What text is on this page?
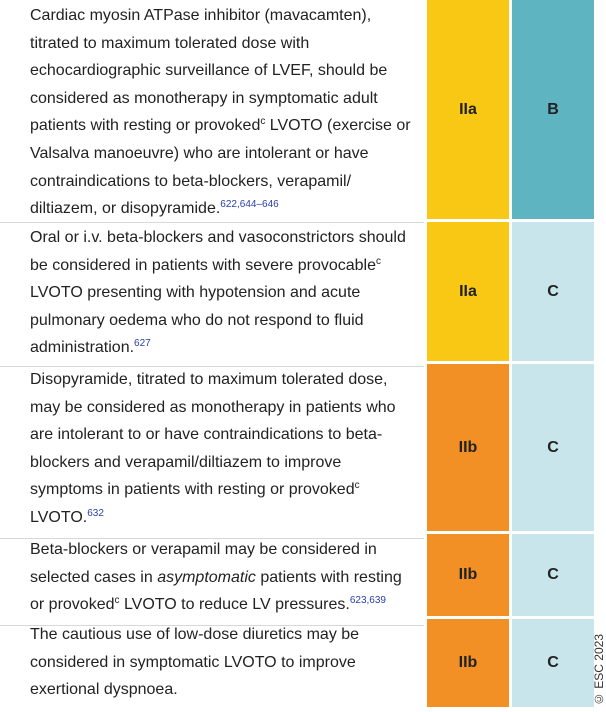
Cardiac myosin ATPase inhibitor (mavacamten), titrated to maximum tolerated dose with echocardiographic surveillance of LVEF, should be considered as monotherapy in symptomatic adult patients with resting or provoked$^c$ LVOTO (exercise or Valsalva manoeuvre) who are intolerant or have contraindications to beta-blockers, verapamil/ diltiazem, or disopyramide.$^{622,644-646}$
IIa	B
Oral or i.v. beta-blockers and vasoconstrictors should be considered in patients with severe provocable$^c$ LVOTO presenting with hypotension and acute pulmonary oedema who do not respond to fluid administration.$^{627}$
IIa	C
Disopyramide, titrated to maximum tolerated dose, may be considered as monotherapy in patients who are intolerant to or have contraindications to beta-blockers and verapamil/diltiazem to improve symptoms in patients with resting or provoked$^c$ LVOTO.$^{632}$
IIb	C
Beta-blockers or verapamil may be considered in selected cases in asymptomatic patients with resting or provoked$^c$ LVOTO to reduce LV pressures.$^{623,639}$
IIb	C
The cautious use of low-dose diuretics may be considered in symptomatic LVOTO to improve exertional dyspnoea.
IIb	C	© ESC 2023
